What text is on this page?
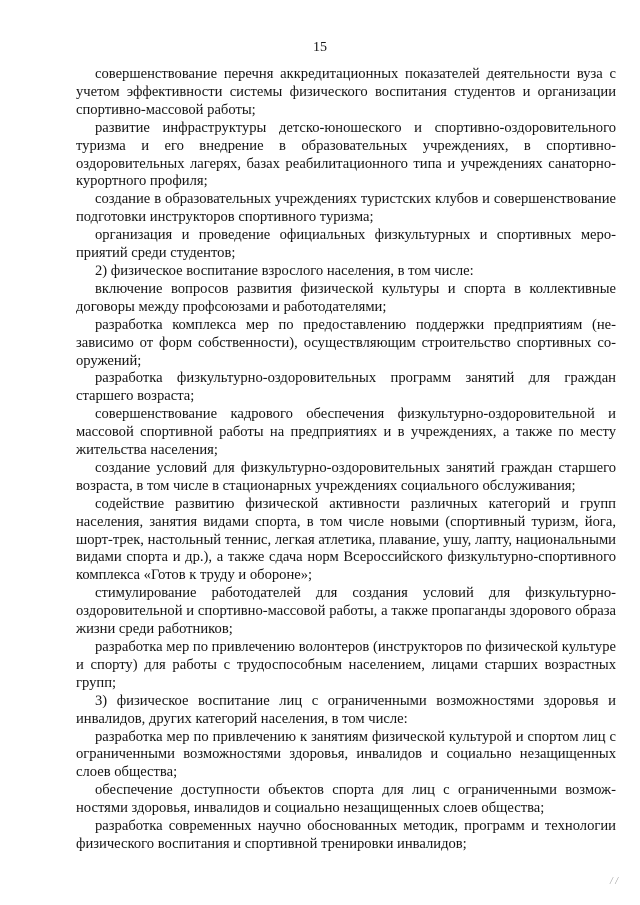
15

совершенствование перечня аккредитационных показателей деятельности вуза с учетом эффективности системы физического воспитания студентов и организации спортивно-массовой работы;

развитие инфраструктуры детско-юношеского и спортивно-оздоровительного туризма и его внедрение в образовательных учреждениях, в спортивно-оздоровительных лагерях, базах реабилитационного типа и учреждениях санаторно-курортного профиля;

создание в образовательных учреждениях туристских клубов и совершенствование подготовки инструкторов спортивного туризма;

организация и проведение официальных физкультурных и спортивных мероприятий среди студентов;

2) физическое воспитание взрослого населения, в том числе:

включение вопросов развития физической культуры и спорта в коллективные договоры между профсоюзами и работодателями;

разработка комплекса мер по предоставлению поддержки предприятиям (независимо от форм собственности), осуществляющим строительство спортивных сооружений;

разработка физкультурно-оздоровительных программ занятий для граждан старшего возраста;

совершенствование кадрового обеспечения физкультурно-оздоровительной и массовой спортивной работы на предприятиях и в учреждениях, а также по месту жительства населения;

создание условий для физкультурно-оздоровительных занятий граждан старшего возраста, в том числе в стационарных учреждениях социального обслуживания;

содействие развитию физической активности различных категорий и групп населения, занятия видами спорта, в том числе новыми (спортивный туризм, йога, шорт-трек, настольный теннис, легкая атлетика, плавание, ушу, лапту, национальными видами спорта и др.), а также сдача норм Всероссийского физкультурно-спортивного комплекса «Готов к труду и обороне»;

стимулирование работодателей для создания условий для физкультурно-оздоровительной и спортивно-массовой работы, а также пропаганды здорового образа жизни среди работников;

разработка мер по привлечению волонтеров (инструкторов по физической культуре и спорту) для работы с трудоспособным населением, лицами старших возрастных групп;

3) физическое воспитание лиц с ограниченными возможностями здоровья и инвалидов, других категорий населения, в том числе:

разработка мер по привлечению к занятиям физической культурой и спортом лиц с ограниченными возможностями здоровья, инвалидов и социально незащищенных слоев общества;

обеспечение доступности объектов спорта для лиц с ограниченными возможностями здоровья, инвалидов и социально незащищенных слоев общества;

разработка современных научно обоснованных методик, программ и технологии физического воспитания и спортивной тренировки инвалидов;

/ /
